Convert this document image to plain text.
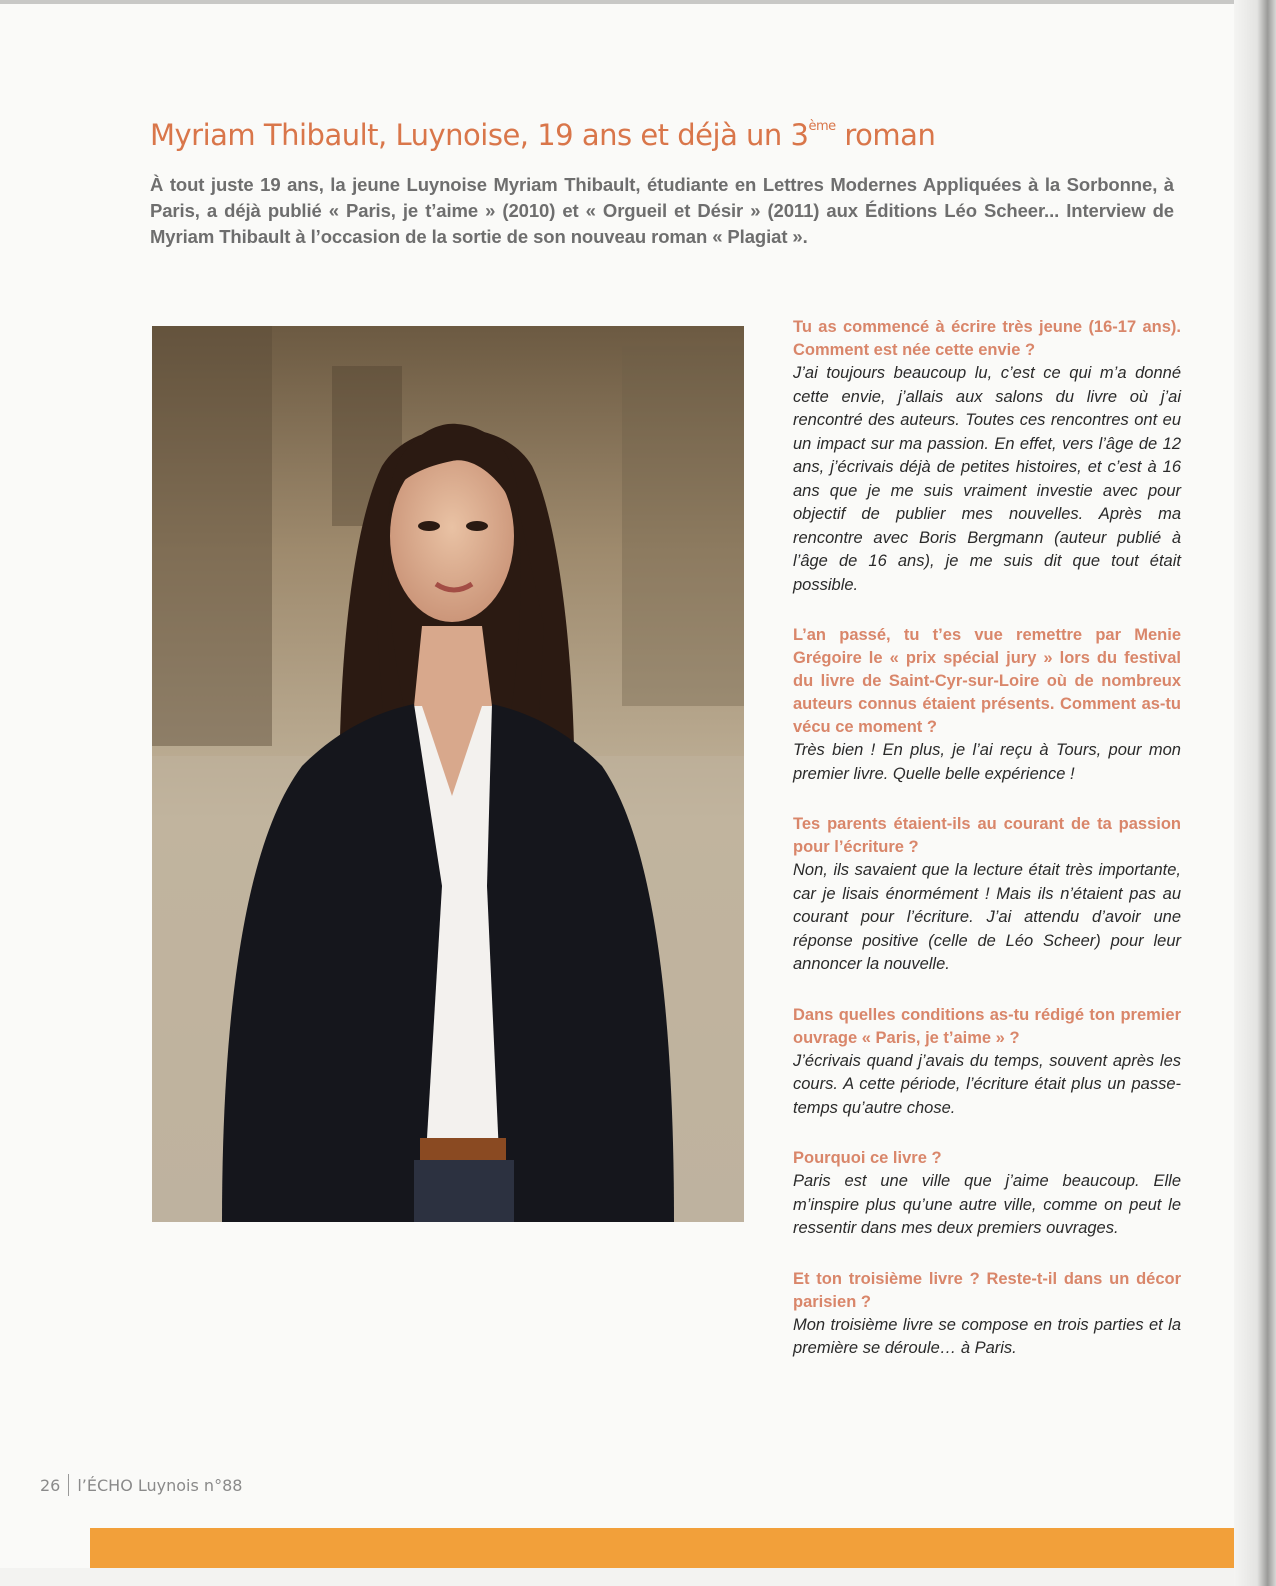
Myriam Thibault, Luynoise, 19 ans et déjà un 3ème roman

À tout juste 19 ans, la jeune Luynoise Myriam Thibault, étudiante en Lettres Modernes Appliquées à la Sorbonne, à Paris, a déjà publié « Paris, je t’aime » (2010) et « Orgueil et Désir » (2011) aux Éditions Léo Scheer... Interview de Myriam Thibault à l’occasion de la sortie de son nouveau roman « Plagiat ».

Tu as commencé à écrire très jeune (16-17 ans). Comment est née cette envie ?

J’ai toujours beaucoup lu, c’est ce qui m’a donné cette envie, j’allais aux salons du livre où j’ai rencontré des auteurs. Toutes ces rencontres ont eu un impact sur ma passion. En effet, vers l’âge de 12 ans, j’écrivais déjà de petites histoires, et c’est à 16 ans que je me suis vraiment investie avec pour objectif de publier mes nouvelles. Après ma rencontre avec Boris Bergmann (auteur publié à l’âge de 16 ans), je me suis dit que tout était possible.

L’an passé, tu t’es vue remettre par Menie Grégoire le « prix spécial jury » lors du festival du livre de Saint-Cyr-sur-Loire où de nombreux auteurs connus étaient présents. Comment as-tu vécu ce moment ?

Très bien ! En plus, je l’ai reçu à Tours, pour mon premier livre. Quelle belle expérience !

Tes parents étaient-ils au courant de ta passion pour l’écriture ?

Non, ils savaient que la lecture était très importante, car je lisais énormément ! Mais ils n’étaient pas au courant pour l’écriture. J’ai attendu d’avoir une réponse positive (celle de Léo Scheer) pour leur annoncer la nouvelle.

Dans quelles conditions as-tu rédigé ton premier ouvrage « Paris, je t’aime » ?

J’écrivais quand j’avais du temps, souvent après les cours. A cette période, l’écriture était plus un passe-temps qu’autre chose.

Pourquoi ce livre ?

Paris est une ville que j’aime beaucoup. Elle m’inspire plus qu’une autre ville, comme on peut le ressentir dans mes deux premiers ouvrages.

Et ton troisième livre ? Reste-t-il dans un décor parisien ?

Mon troisième livre se compose en trois parties et la première se déroule… à Paris.

26 l’ÉCHO Luynois n°88
